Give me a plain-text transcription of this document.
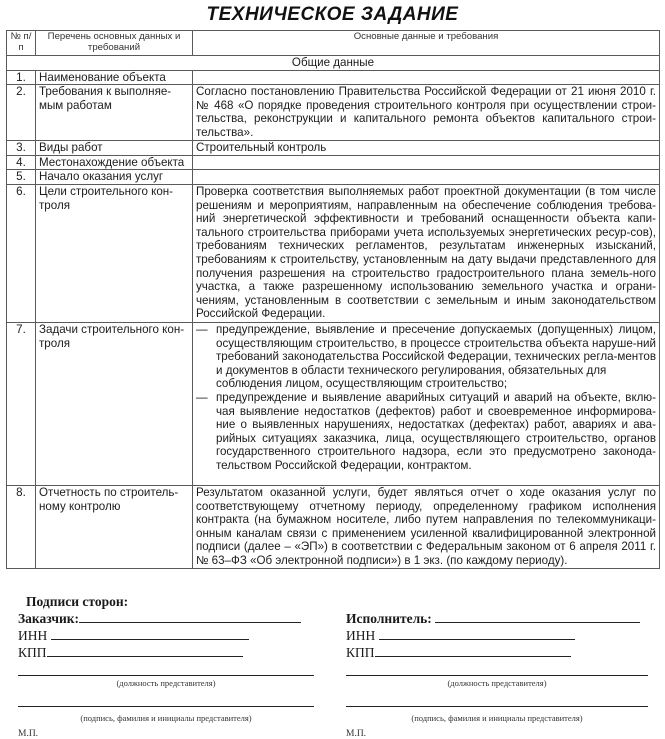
ТЕХНИЧЕСКОЕ ЗАДАНИЕ
№ п/п	Перечень основных данных и требований	Основные данные и требования
Общие данные		
1.	Наименование объекта	
2.	Требования к выполняе-мым работам	Согласно постановлению Правительства Российской Федерации от 21 июня 2010 г. № 468 «О порядке проведения строительного контроля при осуществлении строи-тельства, реконструкции и капитального ремонта объектов капитального строи-тельства».
3.	Виды работ	Строительный контроль
4.	Местонахождение объекта	
5.	Начало оказания услуг	
6.	Цели строительного кон-троля	Проверка соответствия выполняемых работ проектной документации (в том числе решениям и мероприятиям, направленным на обеспечение соблюдения требова-ний энергетической эффективности и требований оснащенности объекта капи-тального строительства приборами учета используемых энергетических ресур-сов), требованиям технических регламентов, результатам инженерных изысканий, требованиям к строительству, установленным на дату выдачи представленного для получения разрешения на строительство градостроительного плана земель-ного участка, а также разрешенному использованию земельного участка и ограни-чениям, установленным в соответствии с земельным и иным законодательством Российской Федерации.
7.	Задачи строительного кон-троля	— предупреждение, выявление и пресечение допускаемых (допущенных) лицом, осуществляющим строительство, в процессе строительства объекта наруше-ний требований законодательства Российской Федерации, технических регла-ментов и документов в области технического регулирования, обязательных для
соблюдения лицом, осуществляющим строительство;
— предупреждение и выявление аварийных ситуаций и аварий на объекте, вклю-чая выявление недостатков (дефектов) работ и своевременное информирова-ние о выявленных нарушениях, недостатках (дефектах) работ, авариях и ава-рийных ситуациях заказчика, лица, осуществляющего строительство, органов государственного строительного надзора, если это предусмотрено законода-тельством Российской Федерации, контрактом.

8.	Отчетность по строитель-ному контролю	Результатом оказанной услуги, будет являться отчет о ходе оказания услуг по соответствующему отчетному периоду, определенному графиком исполнения контракта (на бумажном носителе, либо путем направления по телекоммуникаци-онным каналам связи с применением усиленной квалифицированной электронной подписи (далее – «ЭП») в соответствии с Федеральным законом от 6 апреля 2011 г. № 63–ФЗ «Об электронной подписи») в 1 экз. (по каждому периоду).
Подписи сторон:
Заказчик:
ИНН
КПП
(должность представителя)
(подпись, фамилия и инициалы представителя)
М.П.
Исполнитель:
ИНН
КПП
(должность представителя)
(подпись, фамилия и инициалы представителя)
М.П.
